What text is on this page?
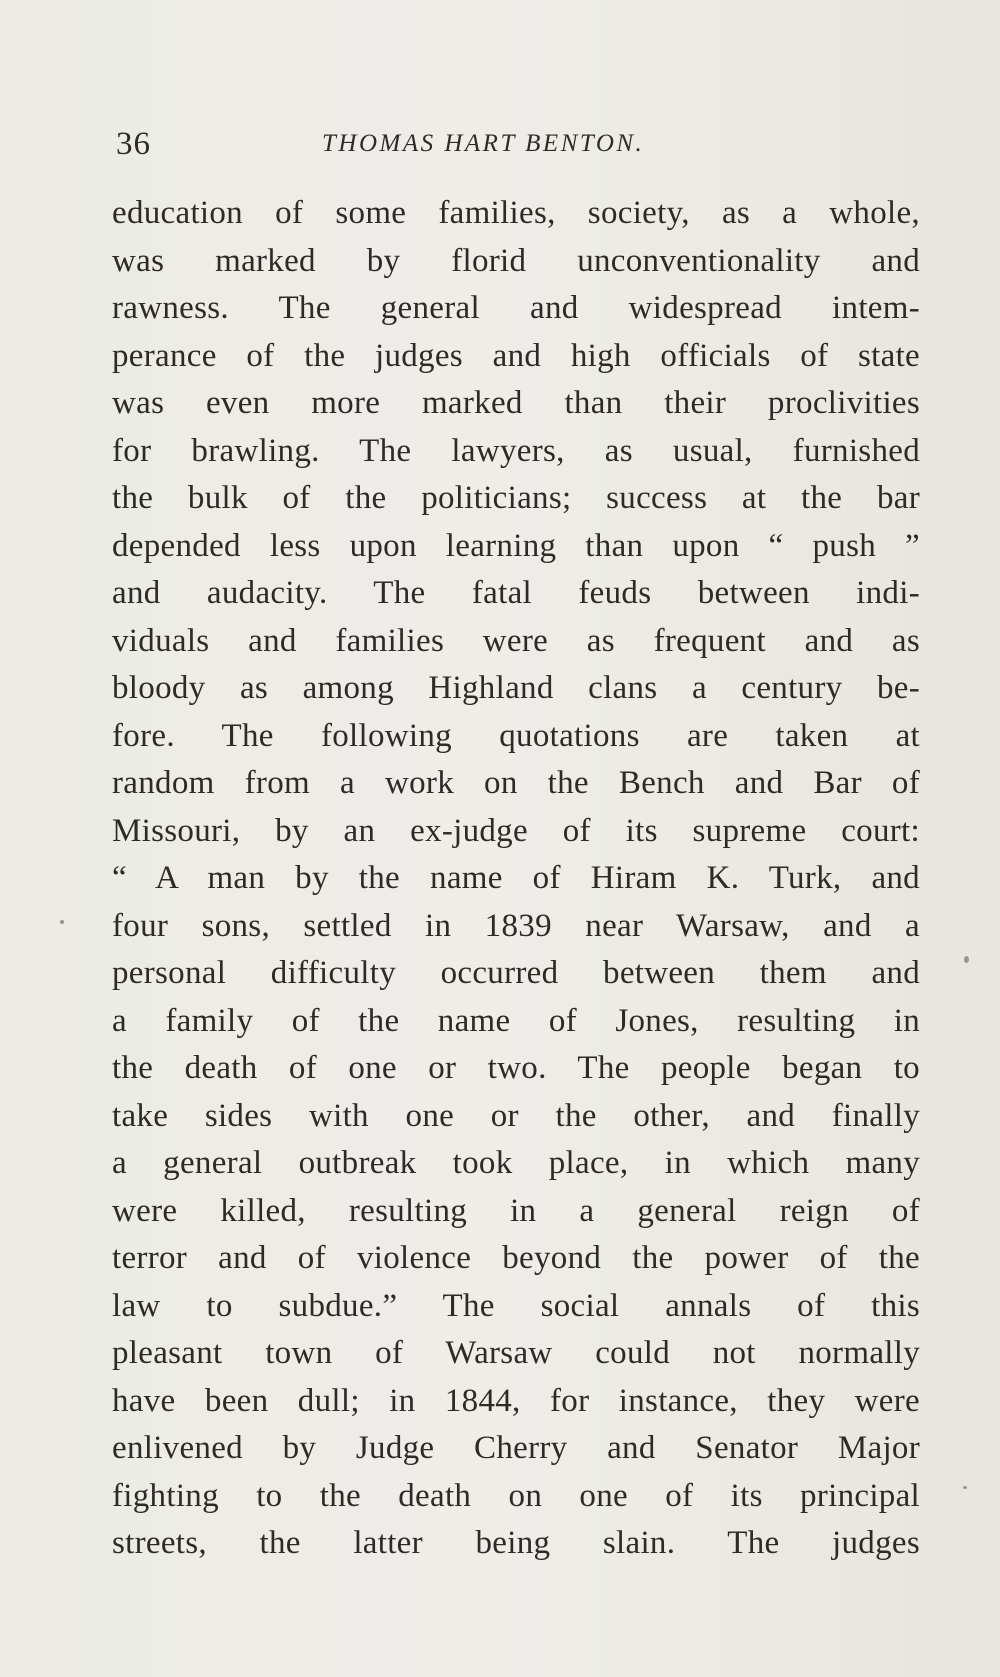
36	THOMAS HART BENTON.
education of some families, society, as a whole,
was marked by florid unconventionality and
rawness. The general and widespread intem-
perance of the judges and high officials of state
was even more marked than their proclivities
for brawling. The lawyers, as usual, furnished
the bulk of the politicians; success at the bar
depended less upon learning than upon “ push ”
and audacity. The fatal feuds between indi-
viduals and families were as frequent and as
bloody as among Highland clans a century be-
fore. The following quotations are taken at
random from a work on the Bench and Bar of
Missouri, by an ex-judge of its supreme court:
“ A man by the name of Hiram K. Turk, and
four sons, settled in 1839 near Warsaw, and a
personal difficulty occurred between them and
a family of the name of Jones, resulting in
the death of one or two. The people began to
take sides with one or the other, and finally
a general outbreak took place, in which many
were killed, resulting in a general reign of
terror and of violence beyond the power of the
law to subdue.” The social annals of this
pleasant town of Warsaw could not normally
have been dull; in 1844, for instance, they were
enlivened by Judge Cherry and Senator Major
fighting to the death on one of its principal
streets, the latter being slain. The judges
